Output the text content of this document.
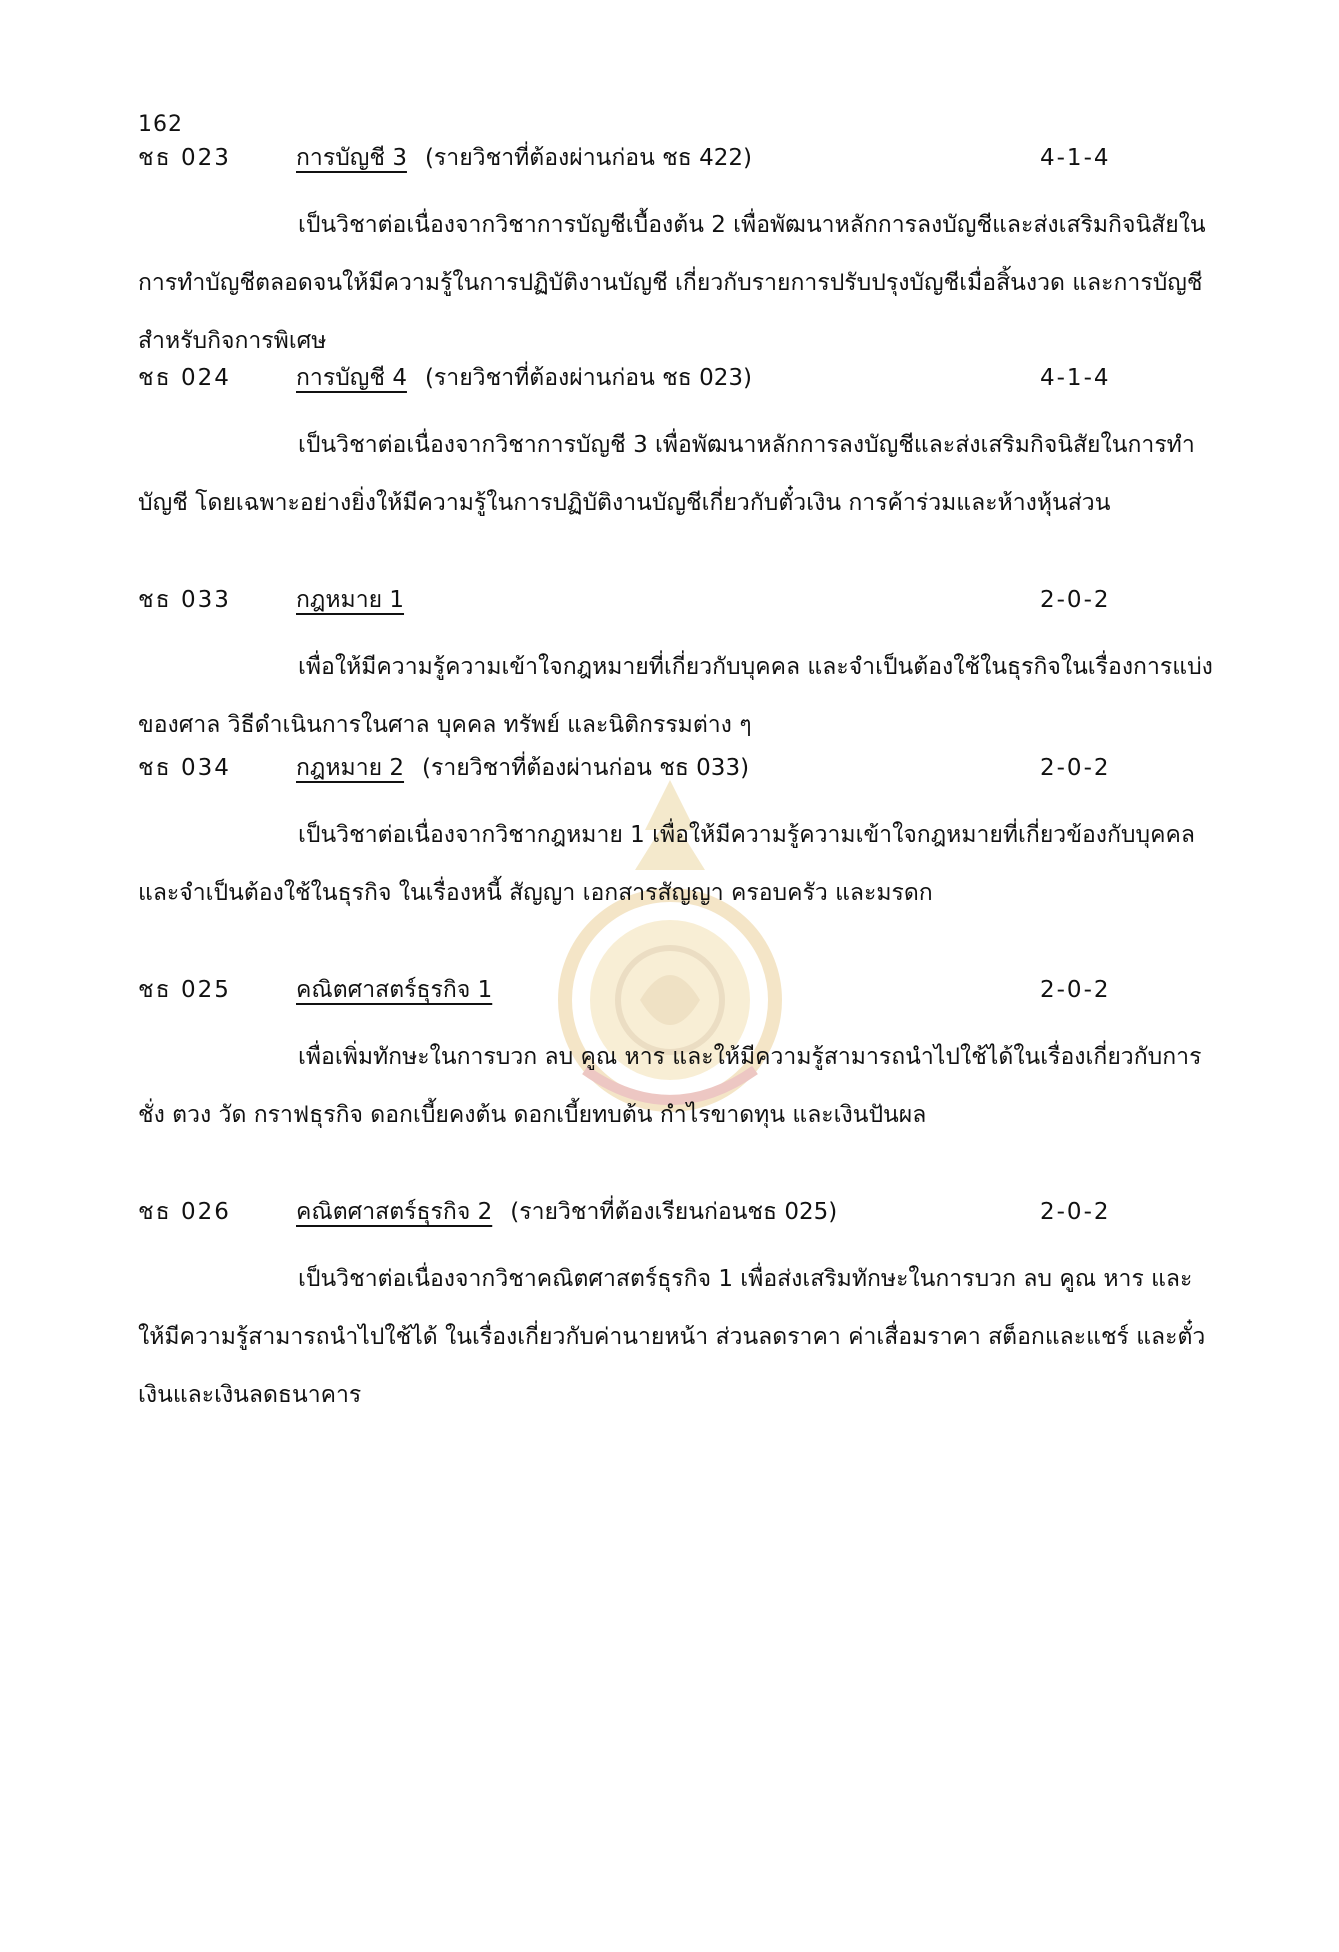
162
ชธ 023	การบัญชี 3 (รายวิชาที่ต้องผ่านก่อน ชธ 422)	4-1-4
เป็นวิชาต่อเนื่องจากวิชาการบัญชีเบื้องต้น 2 เพื่อพัฒนาหลักการลงบัญชีและส่งเสริมกิจนิสัยในการทำบัญชีตลอดจนให้มีความรู้ในการปฏิบัติงานบัญชี เกี่ยวกับรายการปรับปรุงบัญชีเมื่อสิ้นงวด และการบัญชีสำหรับกิจการพิเศษ
ชธ 024	การบัญชี 4 (รายวิชาที่ต้องผ่านก่อน ชธ 023)	4-1-4
เป็นวิชาต่อเนื่องจากวิชาการบัญชี 3 เพื่อพัฒนาหลักการลงบัญชีและส่งเสริมกิจนิสัยในการทำบัญชี โดยเฉพาะอย่างยิ่งให้มีความรู้ในการปฏิบัติงานบัญชีเกี่ยวกับตั๋วเงิน การค้าร่วมและห้างหุ้นส่วน
ชธ 033	กฎหมาย 1	2-0-2
เพื่อให้มีความรู้ความเข้าใจกฎหมายที่เกี่ยวกับบุคคล และจำเป็นต้องใช้ในธุรกิจในเรื่องการแบ่งของศาล วิธีดำเนินการในศาล บุคคล ทรัพย์ และนิติกรรมต่าง ๆ
ชธ 034	กฎหมาย 2 (รายวิชาที่ต้องผ่านก่อน ชธ 033)	2-0-2
เป็นวิชาต่อเนื่องจากวิชากฎหมาย 1 เพื่อให้มีความรู้ความเข้าใจกฎหมายที่เกี่ยวข้องกับบุคคล และจำเป็นต้องใช้ในธุรกิจ ในเรื่องหนี้ สัญญา เอกสารสัญญา ครอบครัว และมรดก
ชธ 025	คณิตศาสตร์ธุรกิจ 1	2-0-2
เพื่อเพิ่มทักษะในการบวก ลบ คูณ หาร และให้มีความรู้สามารถนำไปใช้ได้ในเรื่องเกี่ยวกับการชั่ง ตวง วัด กราฟธุรกิจ ดอกเบี้ยคงต้น ดอกเบี้ยทบต้น กำไรขาดทุน และเงินปันผล
ชธ 026	คณิตศาสตร์ธุรกิจ 2 (รายวิชาที่ต้องเรียนก่อนชธ 025)	2-0-2
เป็นวิชาต่อเนื่องจากวิชาคณิตศาสตร์ธุรกิจ 1 เพื่อส่งเสริมทักษะในการบวก ลบ คูณ หาร และให้มีความรู้สามารถนำไปใช้ได้ ในเรื่องเกี่ยวกับค่านายหน้า ส่วนลดราคา ค่าเสื่อมราคา สต็อกและแชร์ และตั๋วเงินและเงินลดธนาคาร
